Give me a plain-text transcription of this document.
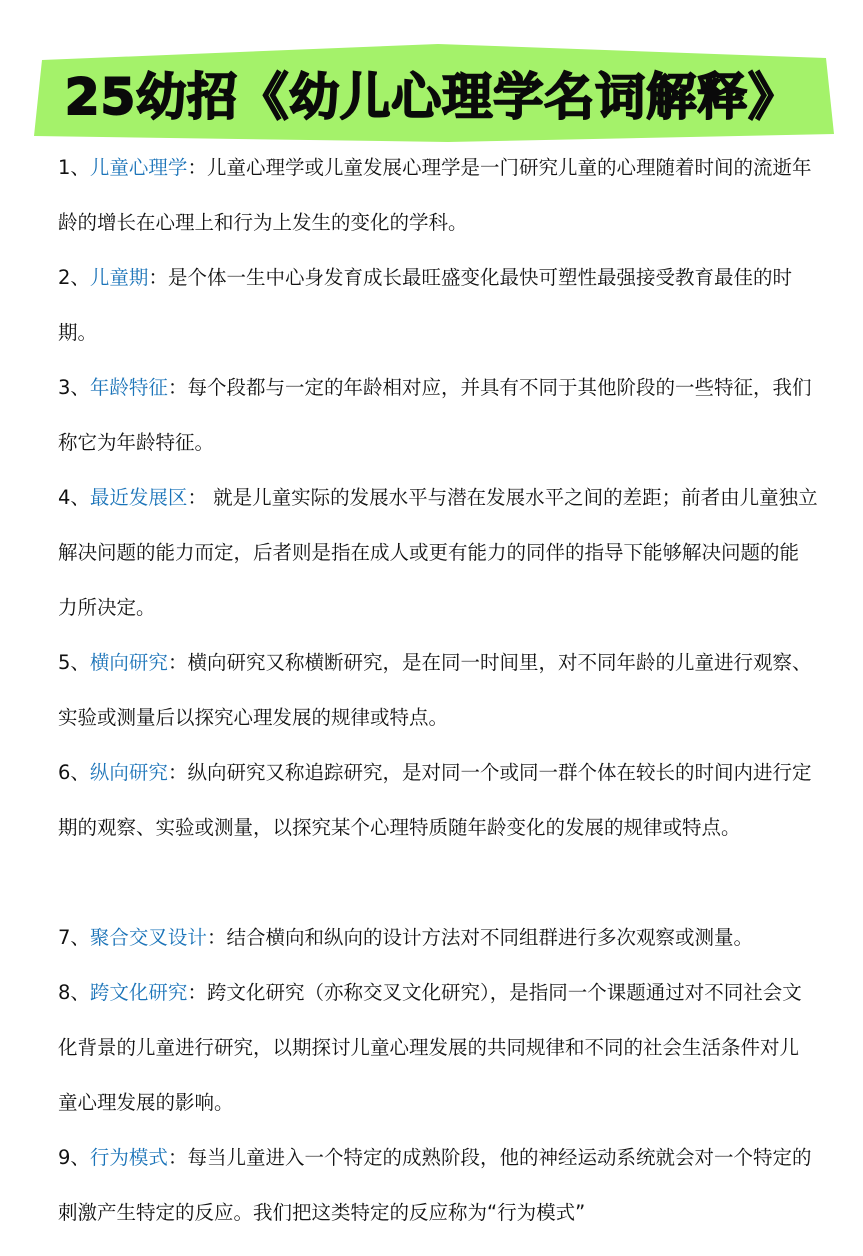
25幼招《幼儿心理学名词解释》

1、儿童心理学：儿童心理学或儿童发展心理学是一门研究儿童的心理随着时间的流逝年龄的增长在心理上和行为上发生的变化的学科。

2、儿童期：是个体一生中心身发育成长最旺盛变化最快可塑性最强接受教育最佳的时期。

3、年龄特征：每个段都与一定的年龄相对应，并具有不同于其他阶段的一些特征，我们称它为年龄特征。

4、最近发展区： 就是儿童实际的发展水平与潜在发展水平之间的差距；前者由儿童独立解决问题的能力而定，后者则是指在成人或更有能力的同伴的指导下能够解决问题的能力所决定。

5、横向研究：横向研究又称横断研究，是在同一时间里，对不同年龄的儿童进行观察、实验或测量后以探究心理发展的规律或特点。

6、纵向研究：纵向研究又称追踪研究，是对同一个或同一群个体在较长的时间内进行定期的观察、实验或测量，以探究某个心理特质随年龄变化的发展的规律或特点。

7、聚合交叉设计：结合横向和纵向的设计方法对不同组群进行多次观察或测量。

8、跨文化研究：跨文化研究（亦称交叉文化研究），是指同一个课题通过对不同社会文化背景的儿童进行研究，以期探讨儿童心理发展的共同规律和不同的社会生活条件对儿童心理发展的影响。

9、行为模式：每当儿童进入一个特定的成熟阶段，他的神经运动系统就会对一个特定的刺激产生特定的反应。我们把这类特定的反应称为“行为模式”
